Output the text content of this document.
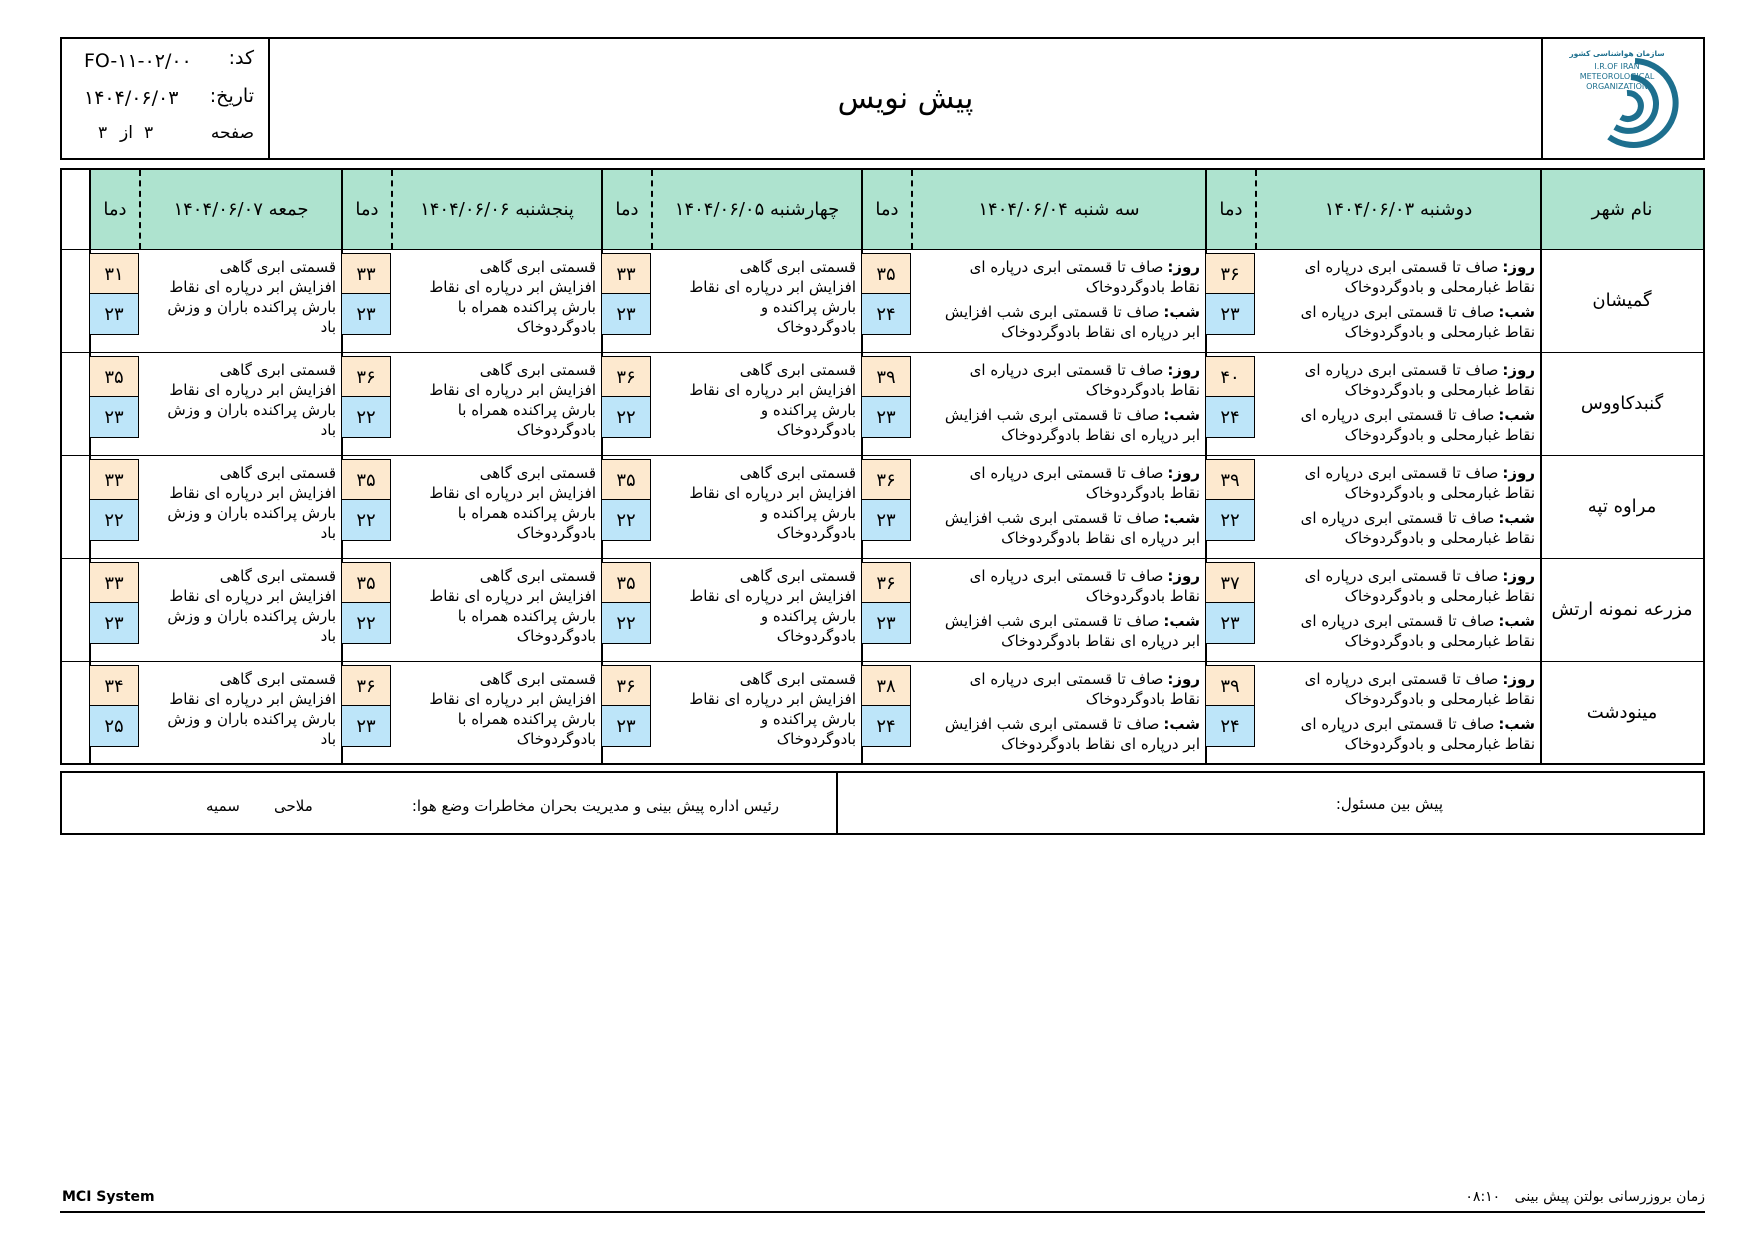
کد:
FO-۱۱-۰۲/۰۰
تاریخ:
۱۴۰۴/۰۶/۰۳
صفحه
۳
از
۳
پیش نویس
سازمان هواشناسی کشور
I.R.OF IRAN
METEOROLOGICAL
ORGANIZATION
نام شهر
دوشنبه ۱۴۰۴/۰۶/۰۳
دما
سه شنبه ۱۴۰۴/۰۶/۰۴
دما
چهارشنبه ۱۴۰۴/۰۶/۰۵
دما
پنجشنبه ۱۴۰۴/۰۶/۰۶
دما
جمعه ۱۴۰۴/۰۶/۰۷
دما
گمیشان
روز:صاف تا قسمتی ابری درپاره ای
نقاط غبارمحلی و بادوگردوخاک
شب:صاف تا قسمتی ابری درپاره ای
نقاط غبارمحلی و بادوگردوخاک
۳۶
۲۳
روز:صاف تا قسمتی ابری درپاره ای
نقاط بادوگردوخاک
شب:صاف تا قسمتی ابری شب افزایش
ابر درپاره ای نقاط بادوگردوخاک
۳۵
۲۴
قسمتی ابری گاهی
افزایش ابر درپاره ای نقاط
بارش پراکنده و
بادوگردوخاک
۳۳
۲۳
قسمتی ابری گاهی
افزایش ابر درپاره ای نقاط
بارش پراکنده همراه با
بادوگردوخاک
۳۳
۲۳
قسمتی ابری گاهی
افزایش ابر درپاره ای نقاط
بارش پراکنده باران و وزش
باد
۳۱
۲۳
گنبدکاووس
روز:صاف تا قسمتی ابری درپاره ای
نقاط غبارمحلی و بادوگردوخاک
شب:صاف تا قسمتی ابری درپاره ای
نقاط غبارمحلی و بادوگردوخاک
۴۰
۲۴
روز:صاف تا قسمتی ابری درپاره ای
نقاط بادوگردوخاک
شب:صاف تا قسمتی ابری شب افزایش
ابر درپاره ای نقاط بادوگردوخاک
۳۹
۲۳
قسمتی ابری گاهی
افزایش ابر درپاره ای نقاط
بارش پراکنده و
بادوگردوخاک
۳۶
۲۲
قسمتی ابری گاهی
افزایش ابر درپاره ای نقاط
بارش پراکنده همراه با
بادوگردوخاک
۳۶
۲۲
قسمتی ابری گاهی
افزایش ابر درپاره ای نقاط
بارش پراکنده باران و وزش
باد
۳۵
۲۳
مراوه تپه
روز:صاف تا قسمتی ابری درپاره ای
نقاط غبارمحلی و بادوگردوخاک
شب:صاف تا قسمتی ابری درپاره ای
نقاط غبارمحلی و بادوگردوخاک
۳۹
۲۲
روز:صاف تا قسمتی ابری درپاره ای
نقاط بادوگردوخاک
شب:صاف تا قسمتی ابری شب افزایش
ابر درپاره ای نقاط بادوگردوخاک
۳۶
۲۳
قسمتی ابری گاهی
افزایش ابر درپاره ای نقاط
بارش پراکنده و
بادوگردوخاک
۳۵
۲۲
قسمتی ابری گاهی
افزایش ابر درپاره ای نقاط
بارش پراکنده همراه با
بادوگردوخاک
۳۵
۲۲
قسمتی ابری گاهی
افزایش ابر درپاره ای نقاط
بارش پراکنده باران و وزش
باد
۳۳
۲۲
مزرعه نمونه ارتش
روز:صاف تا قسمتی ابری درپاره ای
نقاط غبارمحلی و بادوگردوخاک
شب:صاف تا قسمتی ابری درپاره ای
نقاط غبارمحلی و بادوگردوخاک
۳۷
۲۳
روز:صاف تا قسمتی ابری درپاره ای
نقاط بادوگردوخاک
شب:صاف تا قسمتی ابری شب افزایش
ابر درپاره ای نقاط بادوگردوخاک
۳۶
۲۳
قسمتی ابری گاهی
افزایش ابر درپاره ای نقاط
بارش پراکنده و
بادوگردوخاک
۳۵
۲۲
قسمتی ابری گاهی
افزایش ابر درپاره ای نقاط
بارش پراکنده همراه با
بادوگردوخاک
۳۵
۲۲
قسمتی ابری گاهی
افزایش ابر درپاره ای نقاط
بارش پراکنده باران و وزش
باد
۳۳
۲۳
مینودشت
روز:صاف تا قسمتی ابری درپاره ای
نقاط غبارمحلی و بادوگردوخاک
شب:صاف تا قسمتی ابری درپاره ای
نقاط غبارمحلی و بادوگردوخاک
۳۹
۲۴
روز:صاف تا قسمتی ابری درپاره ای
نقاط بادوگردوخاک
شب:صاف تا قسمتی ابری شب افزایش
ابر درپاره ای نقاط بادوگردوخاک
۳۸
۲۴
قسمتی ابری گاهی
افزایش ابر درپاره ای نقاط
بارش پراکنده و
بادوگردوخاک
۳۶
۲۳
قسمتی ابری گاهی
افزایش ابر درپاره ای نقاط
بارش پراکنده همراه با
بادوگردوخاک
۳۶
۲۳
قسمتی ابری گاهی
افزایش ابر درپاره ای نقاط
بارش پراکنده باران و وزش
باد
۳۴
۲۵
رئیس اداره پیش بینی و مدیریت بحران مخاطرات وضع هوا:
سمیه ملاحی	پیش بین مسئول:
MCI System	زمان بروزرسانی بولتن پیش بینی ۰۸:۱۰
